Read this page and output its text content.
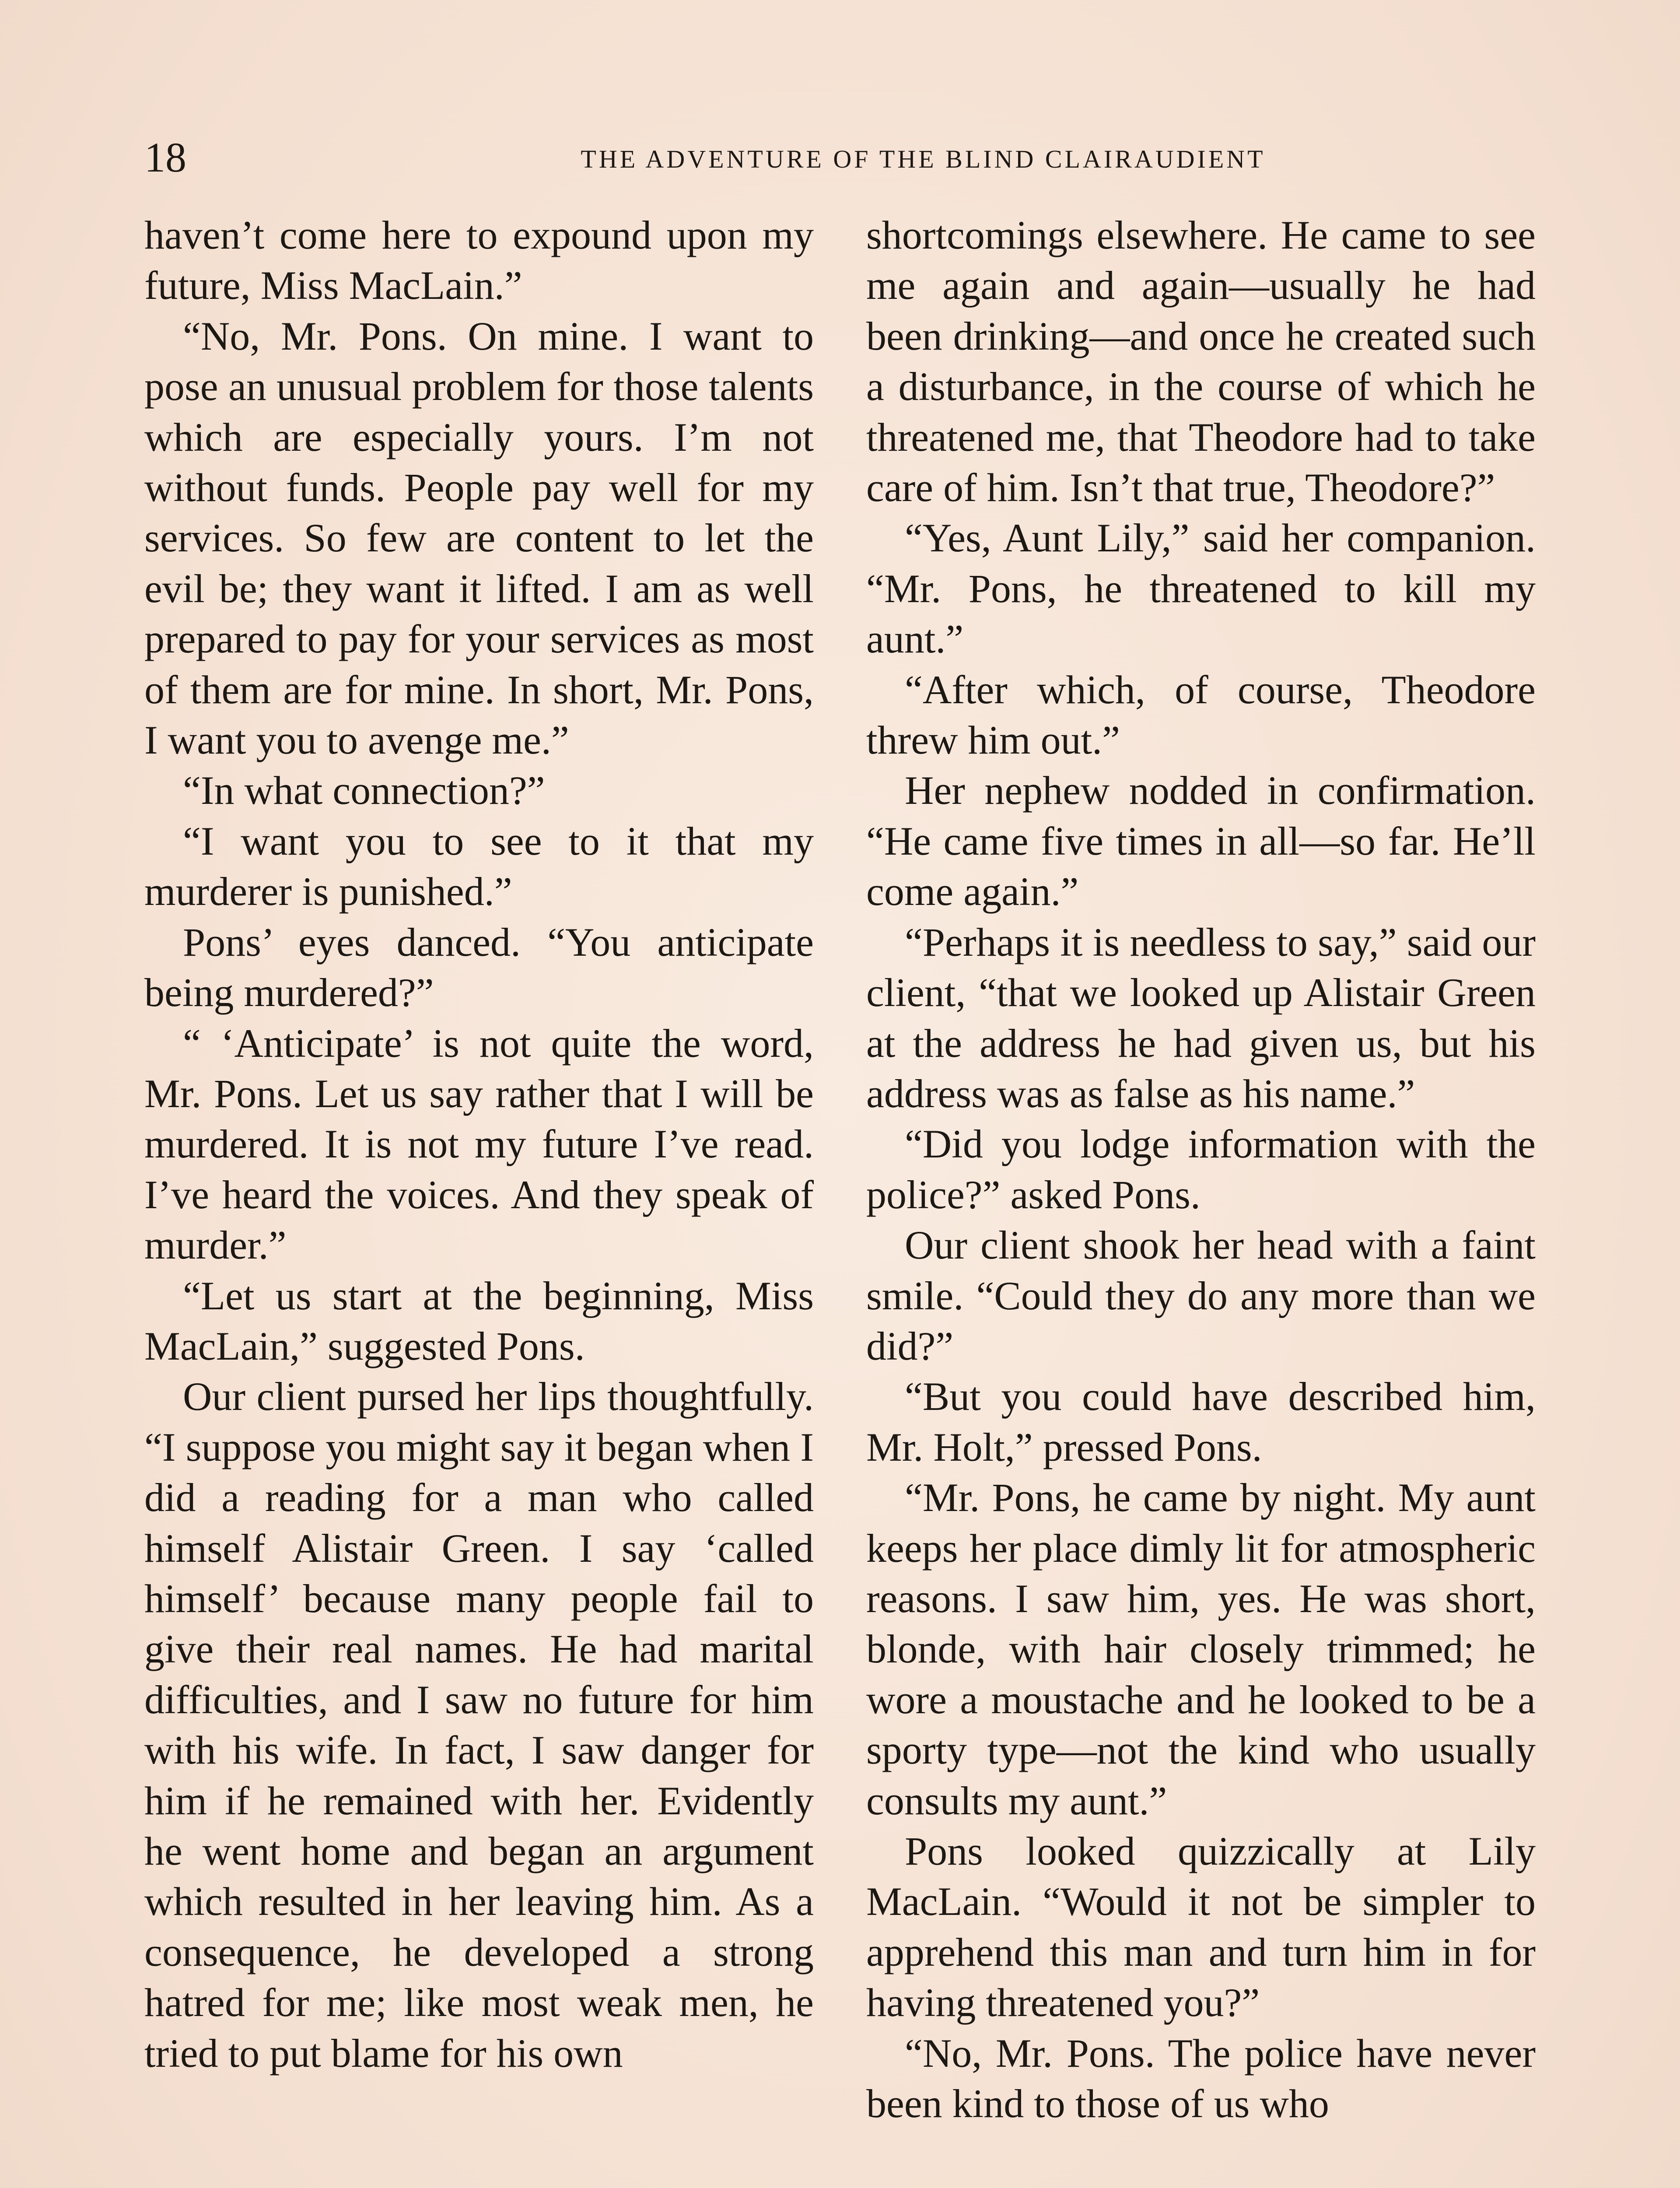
18	THE ADVENTURE OF THE BLIND CLAIRAUDIENT

haven’t come here to expound upon my future, Miss MacLain.”

“No, Mr. Pons. On mine. I want to pose an unusual problem for those talents which are especially yours. I’m not without funds. People pay well for my services. So few are content to let the evil be; they want it lifted. I am as well prepared to pay for your services as most of them are for mine. In short, Mr. Pons, I want you to avenge me.”

“In what connection?”

“I want you to see to it that my murderer is punished.”

Pons’ eyes danced. “You anticipate being murdered?”

“ ‘Anticipate’ is not quite the word, Mr. Pons. Let us say rather that I will be murdered. It is not my future I’ve read. I’ve heard the voices. And they speak of murder.”

“Let us start at the beginning, Miss MacLain,” suggested Pons.

Our client pursed her lips thoughtfully. “I suppose you might say it began when I did a reading for a man who called himself Alistair Green. I say ‘called himself’ because many people fail to give their real names. He had marital difficulties, and I saw no future for him with his wife. In fact, I saw danger for him if he remained with her. Evidently he went home and began an argument which resulted in her leaving him. As a consequence, he developed a strong hatred for me; like most weak men, he tried to put blame for his own

shortcomings elsewhere. He came to see me again and again—usually he had been drinking—and once he created such a disturbance, in the course of which he threatened me, that Theodore had to take care of him. Isn’t that true, Theodore?”

“Yes, Aunt Lily,” said her companion. “Mr. Pons, he threatened to kill my aunt.”

“After which, of course, Theodore threw him out.”

Her nephew nodded in confirmation. “He came five times in all—so far. He’ll come again.”

“Perhaps it is needless to say,” said our client, “that we looked up Alistair Green at the address he had given us, but his address was as false as his name.”

“Did you lodge information with the police?” asked Pons.

Our client shook her head with a faint smile. “Could they do any more than we did?”

“But you could have described him, Mr. Holt,” pressed Pons.

“Mr. Pons, he came by night. My aunt keeps her place dimly lit for atmospheric reasons. I saw him, yes. He was short, blonde, with hair closely trimmed; he wore a moustache and he looked to be a sporty type—not the kind who usually consults my aunt.”

Pons looked quizzically at Lily MacLain. “Would it not be simpler to apprehend this man and turn him in for having threatened you?”

“No, Mr. Pons. The police have never been kind to those of us who
